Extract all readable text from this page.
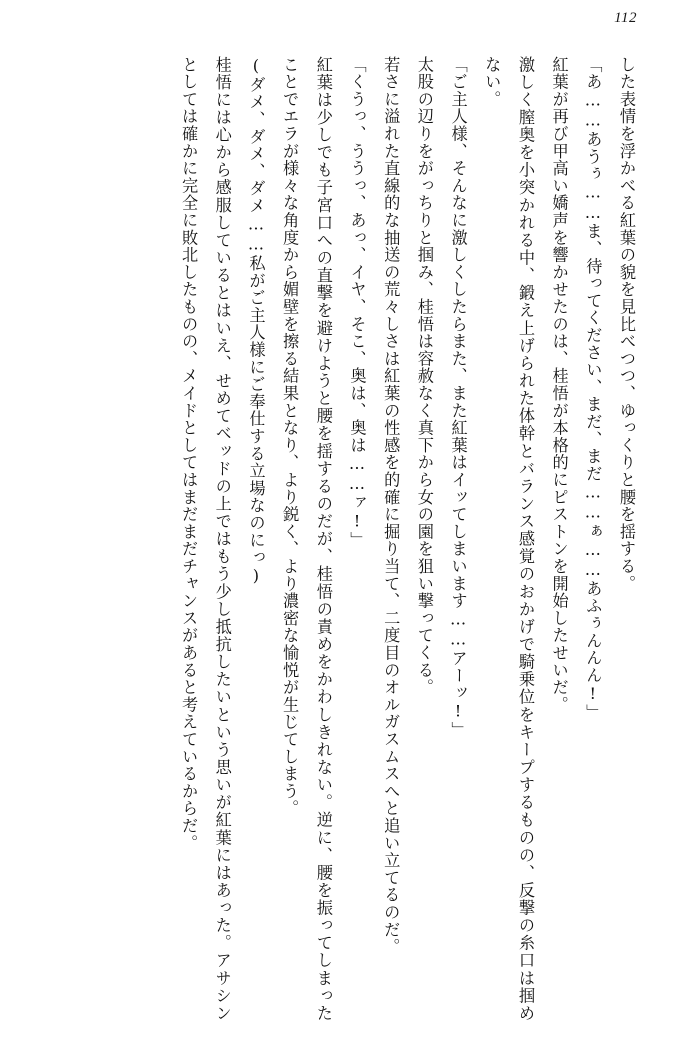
112

した表情を浮かべる紅葉の貌を見比べつつ、ゆっくりと腰を揺する。

「あ……あうぅ……ま、待ってください、まだ、まだ……ぁ……あふぅんんん!」

紅葉が再び甲高い嬌声を響かせたのは、桂悟が本格的にピストンを開始したせいだ。

激しく膣奥を小突かれる中、鍛え上げられた体幹とバランス感覚のおかげで騎乗位をキープするものの、反撃の糸口は掴めない。

「ご主人様、そんなに激しくしたらまた、また紅葉はイッてしまいます……アーッ!」

太股の辺りをがっちりと掴み、桂悟は容赦なく真下から女の園を狙い撃ってくる。

若さに溢れた直線的な抽送の荒々しさは紅葉の性感を的確に掘り当て、二度目のオルガスムスへと追い立てるのだ。

「くうっ、ううっ、あっ、イヤ、そこ、奥は、奥は……ァ!」

紅葉は少しでも子宮口への直撃を避けようと腰を揺するのだが、桂悟の責めをかわしきれない。逆に、腰を振ってしまったことでエラが様々な角度から媚壁を擦る結果となり、より鋭く、より濃密な愉悦が生じてしまう。

(ダメ、ダメ、ダメ……私がご主人様にご奉仕する立場なのにっ)

桂悟には心から感服しているとはいえ、せめてベッドの上ではもう少し抵抗したいという思いが紅葉にはあった。アサシンとしては確かに完全に敗北したものの、メイドとしてはまだまだチャンスがあると考えているからだ。
